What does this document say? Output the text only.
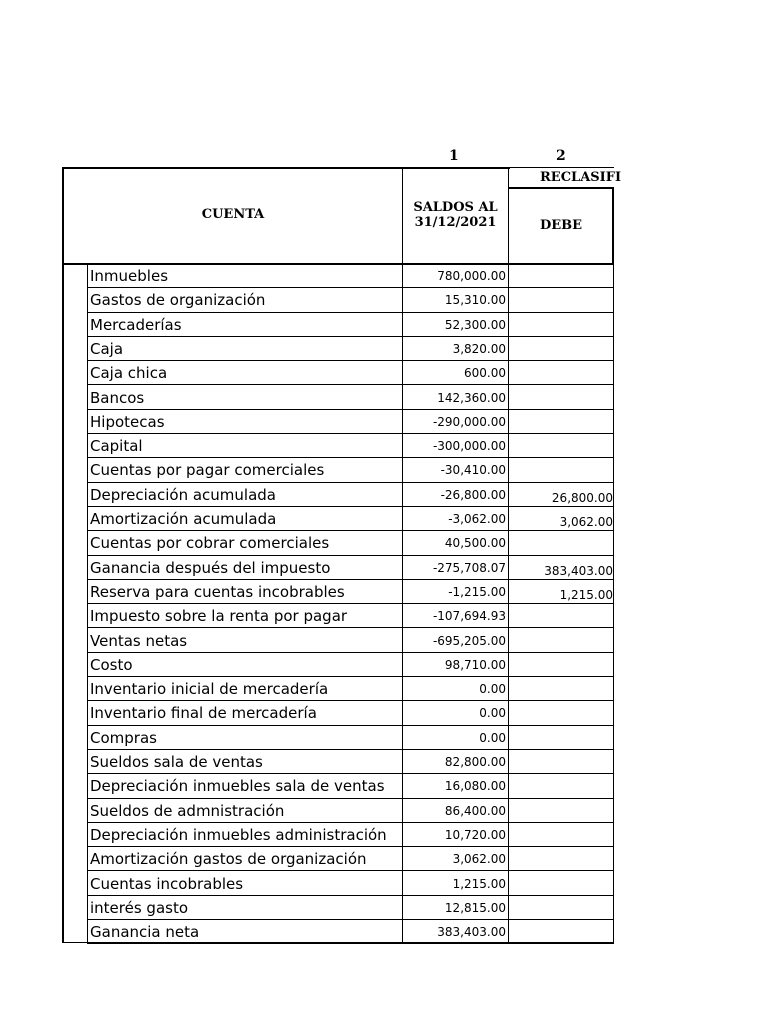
1	2
CUENTA	SALDOS AL
31/12/2021
RECLASIFI
DEBE
Inmuebles	780,000.00
Gastos de organización	15,310.00
Mercaderías	52,300.00
Caja	3,820.00
Caja chica	600.00
Bancos	142,360.00
Hipotecas	-290,000.00
Capital	-300,000.00
Cuentas por pagar comerciales	-30,410.00
Depreciación acumulada	-26,800.00	26,800.00
Amortización acumulada	-3,062.00	3,062.00
Cuentas por cobrar comerciales	40,500.00
Ganancia después del impuesto	-275,708.07	383,403.00
Reserva para cuentas incobrables	-1,215.00	1,215.00
Impuesto sobre la renta por pagar	-107,694.93
Ventas netas	-695,205.00
Costo	98,710.00
Inventario inicial de mercadería	0.00
Inventario final de mercadería	0.00
Compras	0.00
Sueldos sala de ventas	82,800.00
Depreciación inmuebles sala de ventas	16,080.00
Sueldos de admnistración	86,400.00
Depreciación inmuebles administración	10,720.00
Amortización gastos de organización	3,062.00
Cuentas incobrables	1,215.00
interés gasto	12,815.00
Ganancia neta	383,403.00
